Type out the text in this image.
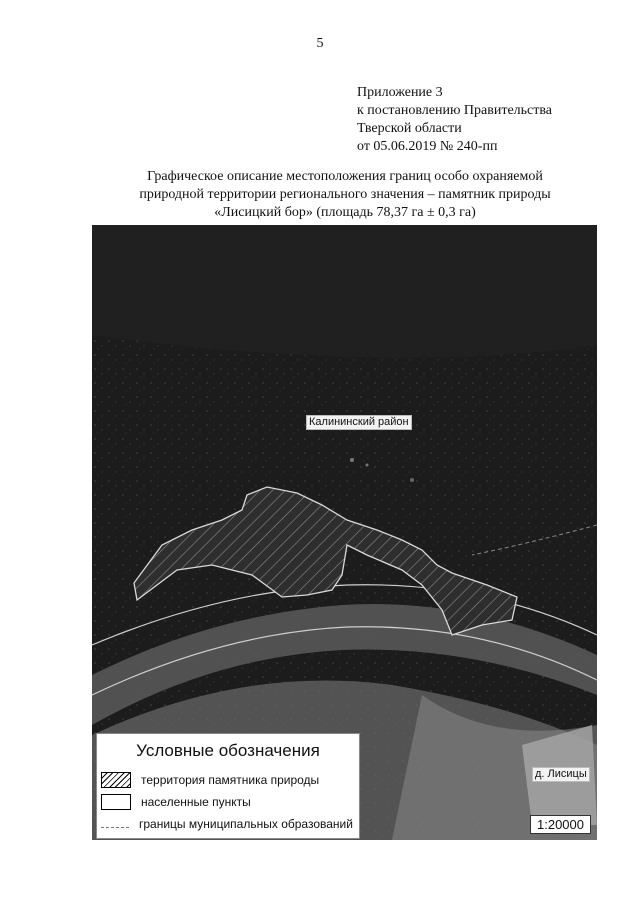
5
Приложение 3
к постановлению Правительства
Тверской области
от 05.06.2019 № 240-пп
Графическое описание местоположения границ особо охраняемой
природной территории регионального значения – памятник природы
«Лисицкий бор» (площадь 78,37 га ± 0,3 га)
Калининский район
д. Лисицы
1:20000
Условные обозначения
территория памятника природы
населенные пункты
границы муниципальных образований
